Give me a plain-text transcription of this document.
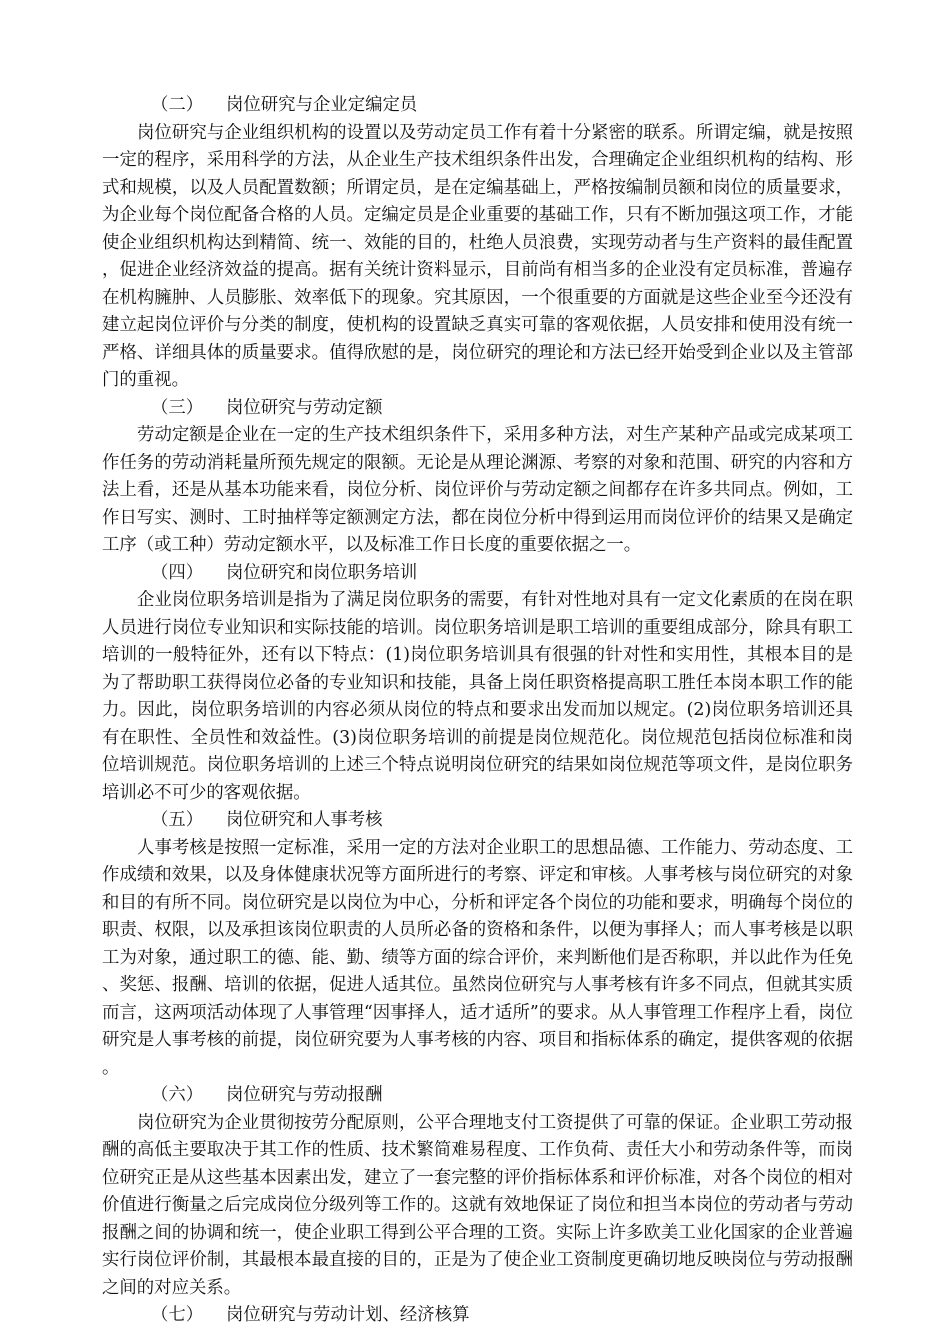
（二） 岗位研究与企业定编定员

岗位研究与企业组织机构的设置以及劳动定员工作有着十分紧密的联系。所谓定编，就是按照一定的程序，采用科学的方法，从企业生产技术组织条件出发，合理确定企业组织机构的结构、形式和规模，以及人员配置数额；所谓定员，是在定编基础上，严格按编制员额和岗位的质量要求，为企业每个岗位配备合格的人员。定编定员是企业重要的基础工作，只有不断加强这项工作，才能使企业组织机构达到精简、统一、效能的目的，杜绝人员浪费，实现劳动者与生产资料的最佳配置，促进企业经济效益的提高。据有关统计资料显示，目前尚有相当多的企业没有定员标准，普遍存在机构臃肿、人员膨胀、效率低下的现象。究其原因，一个很重要的方面就是这些企业至今还没有建立起岗位评价与分类的制度，使机构的设置缺乏真实可靠的客观依据，人员安排和使用没有统一严格、详细具体的质量要求。值得欣慰的是，岗位研究的理论和方法已经开始受到企业以及主管部门的重视。

（三） 岗位研究与劳动定额

劳动定额是企业在一定的生产技术组织条件下，采用多种方法，对生产某种产品或完成某项工作任务的劳动消耗量所预先规定的限额。无论是从理论渊源、考察的对象和范围、研究的内容和方法上看，还是从基本功能来看，岗位分析、岗位评价与劳动定额之间都存在许多共同点。例如，工作日写实、测时、工时抽样等定额测定方法，都在岗位分析中得到运用而岗位评价的结果又是确定工序（或工种）劳动定额水平，以及标准工作日长度的重要依据之一。

（四） 岗位研究和岗位职务培训

企业岗位职务培训是指为了满足岗位职务的需要，有针对性地对具有一定文化素质的在岗在职人员进行岗位专业知识和实际技能的培训。岗位职务培训是职工培训的重要组成部分，除具有职工培训的一般特征外，还有以下特点：(1)岗位职务培训具有很强的针对性和实用性，其根本目的是为了帮助职工获得岗位必备的专业知识和技能，具备上岗任职资格提高职工胜任本岗本职工作的能力。因此，岗位职务培训的内容必须从岗位的特点和要求出发而加以规定。(2)岗位职务培训还具有在职性、全员性和效益性。(3)岗位职务培训的前提是岗位规范化。岗位规范包括岗位标准和岗位培训规范。岗位职务培训的上述三个特点说明岗位研究的结果如岗位规范等项文件，是岗位职务培训必不可少的客观依据。

（五） 岗位研究和人事考核

人事考核是按照一定标准，采用一定的方法对企业职工的思想品德、工作能力、劳动态度、工作成绩和效果，以及身体健康状况等方面所进行的考察、评定和审核。人事考核与岗位研究的对象和目的有所不同。岗位研究是以岗位为中心，分析和评定各个岗位的功能和要求，明确每个岗位的职责、权限，以及承担该岗位职责的人员所必备的资格和条件，以便为事择人；而人事考核是以职工为对象，通过职工的德、能、勤、绩等方面的综合评价，来判断他们是否称职，并以此作为任免、奖惩、报酬、培训的依据，促进人适其位。虽然岗位研究与人事考核有许多不同点，但就其实质而言，这两项活动体现了人事管理“因事择人，适才适所”的要求。从人事管理工作程序上看，岗位研究是人事考核的前提，岗位研究要为人事考核的内容、项目和指标体系的确定，提供客观的依据。

（六） 岗位研究与劳动报酬

岗位研究为企业贯彻按劳分配原则，公平合理地支付工资提供了可靠的保证。企业职工劳动报酬的高低主要取决于其工作的性质、技术繁简难易程度、工作负荷、责任大小和劳动条件等，而岗位研究正是从这些基本因素出发，建立了一套完整的评价指标体系和评价标准，对各个岗位的相对价值进行衡量之后完成岗位分级列等工作的。这就有效地保证了岗位和担当本岗位的劳动者与劳动报酬之间的协调和统一，使企业职工得到公平合理的工资。实际上许多欧美工业化国家的企业普遍实行岗位评价制，其最根本最直接的目的，正是为了使企业工资制度更确切地反映岗位与劳动报酬之间的对应关系。

（七） 岗位研究与劳动计划、经济核算
